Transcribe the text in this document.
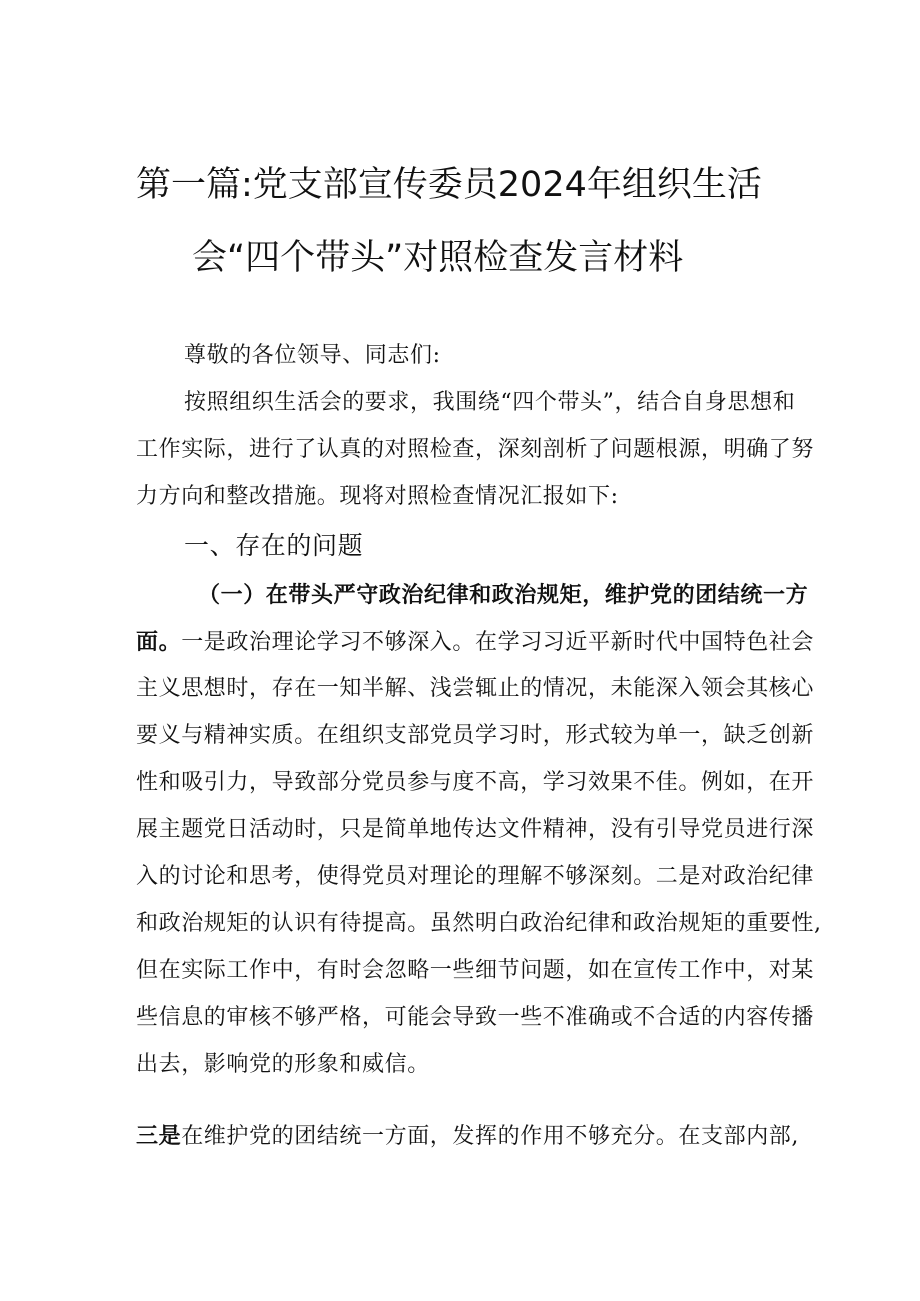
第一篇:党支部宣传委员2024年组织生活
会“四个带头”对照检查发言材料
尊敬的各位领导、同志们:
按照组织生活会的要求，我围绕“四个带头”，结合自身思想和
工作实际，进行了认真的对照检查，深刻剖析了问题根源，明确了努
力方向和整改措施。现将对照检查情况汇报如下:
一、存在的问题
（一）在带头严守政治纪律和政治规矩，维护党的团结统一方
面。一是政治理论学习不够深入。在学习习近平新时代中国特色社会
主义思想时，存在一知半解、浅尝辄止的情况，未能深入领会其核心
要义与精神实质。在组织支部党员学习时，形式较为单一，缺乏创新
性和吸引力，导致部分党员参与度不高，学习效果不佳。例如，在开
展主题党日活动时，只是简单地传达文件精神，没有引导党员进行深
入的讨论和思考，使得党员对理论的理解不够深刻。二是对政治纪律
和政治规矩的认识有待提高。虽然明白政治纪律和政治规矩的重要性,
但在实际工作中，有时会忽略一些细节问题，如在宣传工作中，对某
些信息的审核不够严格，可能会导致一些不准确或不合适的内容传播
出去，影响党的形象和威信。
三是在维护党的团结统一方面，发挥的作用不够充分。在支部内部,
